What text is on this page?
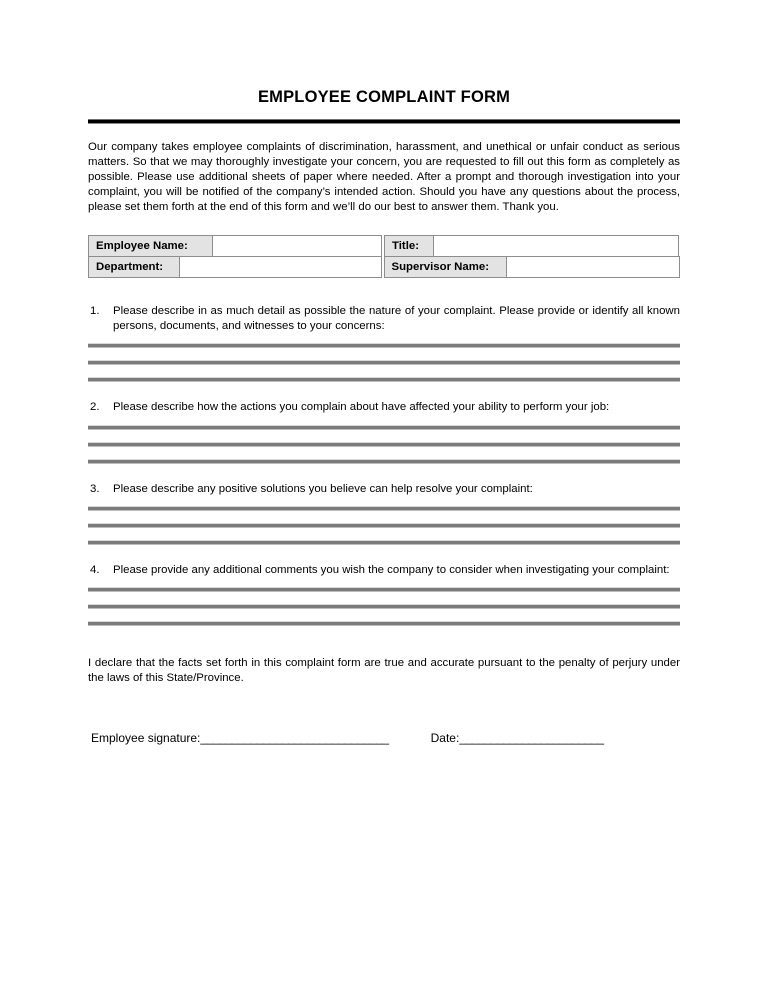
EMPLOYEE COMPLAINT FORM

Our company takes employee complaints of discrimination, harassment, and unethical or unfair conduct as serious matters. So that we may thoroughly investigate your concern, you are requested to fill out this form as completely as possible. Please use additional sheets of paper where needed. After a prompt and thorough investigation into your complaint, you will be notified of the company’s intended action. Should you have any questions about the process, please set them forth at the end of this form and we’ll do our best to answer them. Thank you.

Employee Name:	Title:
Department:	Supervisor Name:
1.	Please describe in as much detail as possible the nature of your complaint. Please provide or identify all known persons, documents, and witnesses to your concerns:
2.	Please describe how the actions you complain about have affected your ability to perform your job:
3.	Please describe any positive solutions you believe can help resolve your complaint:
4.	Please provide any additional comments you wish the company to consider when investigating your complaint:

I declare that the facts set forth in this complaint form are true and accurate pursuant to the penalty of perjury under the laws of this State/Province.

Employee signature: ______________________________	Date: _______________________
